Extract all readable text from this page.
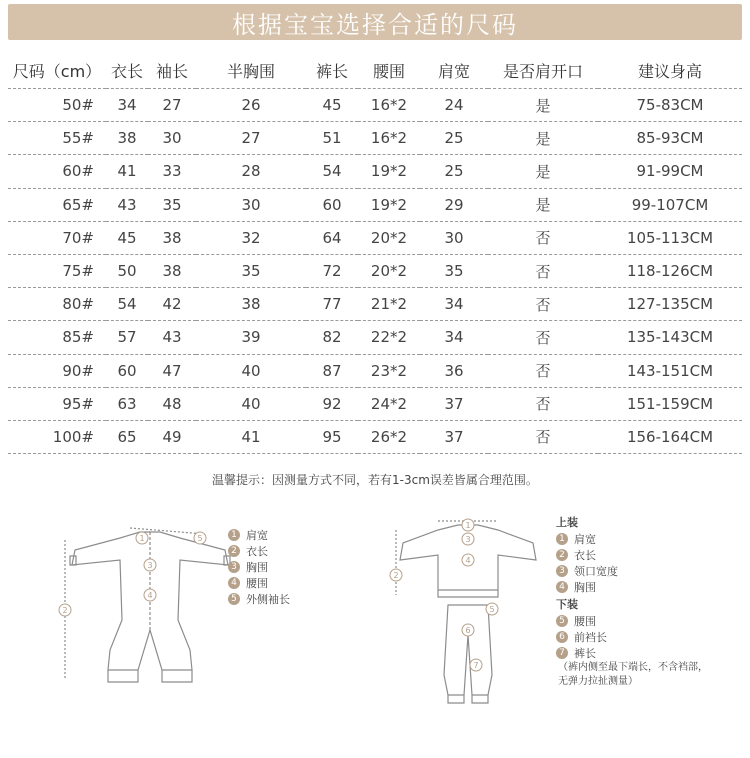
根据宝宝选择合适的尺码
尺码（cm）	衣长	袖长	半胸围	裤长	腰围	肩宽	是否肩开口	建议身高
50#	34	27	26	45	16*2	24	是	75-83CM
55#	38	30	27	51	16*2	25	是	85-93CM
60#	41	33	28	54	19*2	25	是	91-99CM
65#	43	35	30	60	19*2	29	是	99-107CM
70#	45	38	32	64	20*2	30	否	105-113CM
75#	50	38	35	72	20*2	35	否	118-126CM
80#	54	42	38	77	21*2	34	否	127-135CM
85#	57	43	39	82	22*2	34	否	135-143CM
90#	60	47	40	87	23*2	36	否	143-151CM
95#	63	48	40	92	24*2	37	否	151-159CM
100#	65	49	41	95	26*2	37	否	156-164CM
温馨提示：因测量方式不同，若有1-3cm误差皆属合理范围。
1
2
3
4
5	1 肩宽
2 衣长
3 胸围
4 腰围
5 外侧袖长
1
2
3
4
5
6
7
上装
1 肩宽
2 衣长
3 领口宽度
4 胸围
下装
5 腰围
6 前裆长
7 裤长
（裤内侧至最下端长，不含裆部，
无弹力拉扯测量）
